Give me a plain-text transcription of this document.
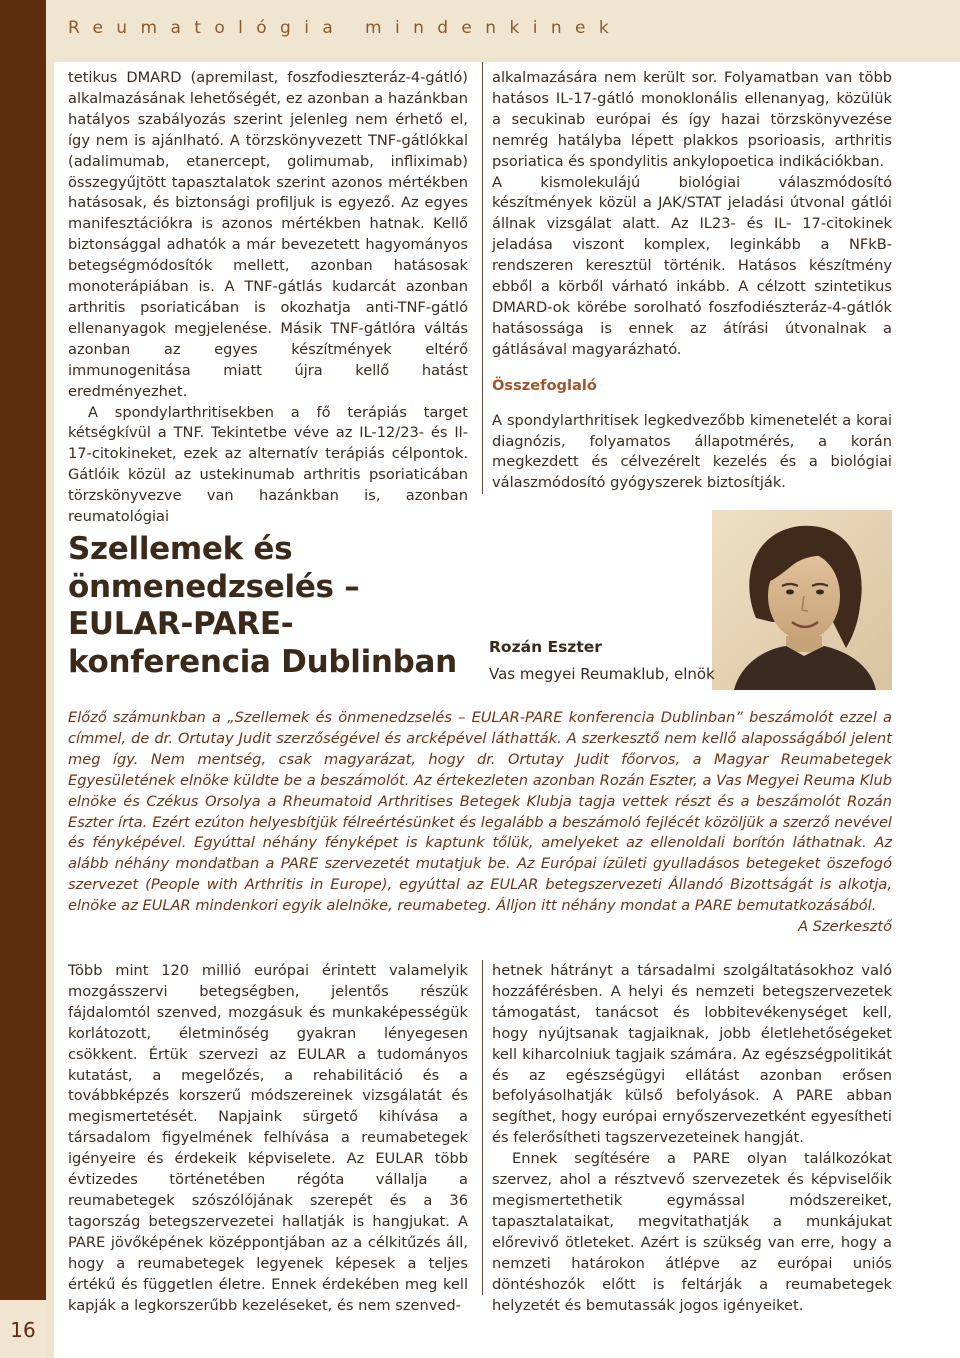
Reumatológia mindenkinek
16

tetikus DMARD (apremilast, foszfodieszteráz-4-gátló) alkalmazásának lehetőségét, ez azonban a hazánkban hatályos szabályozás szerint jelenleg nem érhető el, így nem is ajánlható. A törzskönyvezett TNF-gátlókkal (adalimumab, etanercept, golimumab, infliximab) összegyűjtött tapasztalatok szerint azonos mértékben hatásosak, és biztonsági profiljuk is egyező. Az egyes manifesztációkra is azonos mértékben hatnak. Kellő biztonsággal adhatók a már bevezetett hagyományos betegségmódosítók mellett, azonban hatásosak monoterápiában is. A TNF-gátlás kudarcát azonban arthritis psoriaticában is okozhatja anti-TNF-gátló ellenanyagok megjelenése. Másik TNF-gátlóra váltás azonban az egyes készítmények eltérő immunogenitása miatt újra kellő hatást eredményezhet.

A spondylarthritisekben a fő terápiás target kétségkívül a TNF. Tekintetbe véve az IL-12/23- és Il-17-citokineket, ezek az alternatív terápiás célpontok. Gátlóik közül az ustekinumab arthritis psoriaticában törzskönyvezve van hazánkban is, azonban reumatológiai

alkalmazására nem került sor. Folyamatban van több hatásos IL-17-gátló monoklonális ellenanyag, közülük a secukinab európai és így hazai törzskönyvezése nemrég hatályba lépett plakkos psorioasis, arthritis psoriatica és spondylitis ankylopoetica indikációkban.

A kismolekulájú biológiai válaszmódosító készítmények közül a JAK/STAT jeladási útvonal gátlói állnak vizsgálat alatt. Az IL23- és IL- 17-citokinek jeladása viszont komplex, leginkább a NFkB-rendszeren keresztül történik. Hatásos készítmény ebből a körből várható inkább. A célzott szintetikus DMARD-ok körébe sorolható foszfodiészteráz-4-gátlók hatásossága is ennek az átírási útvonalnak a gátlásával magyarázható.

Összefoglaló

A spondylarthritisek legkedvezőbb kimenetelét a korai diagnózis, folyamatos állapotmérés, a korán megkezdett és célvezérelt kezelés és a biológiai válaszmódosító gyógyszerek biztosítják.

Szellemek és önmenedzselés – EULAR-PARE-konferencia Dublinban	Rozán Eszter
Vas megyei Reumaklub, elnök

Előző számunkban a „Szellemek és önmenedzselés – EULAR-PARE konferencia Dublinban” beszámolót ezzel a címmel, de dr. Ortutay Judit szerzőségével és arcképével láthatták. A szerkesztő nem kellő alaposságából jelent meg így. Nem mentség, csak magyarázat, hogy dr. Ortutay Judit főorvos, a Magyar Reumabetegek Egyesületének elnöke küldte be a beszámolót. Az értekezleten azonban Rozán Eszter, a Vas Megyei Reuma Klub elnöke és Czékus Orsolya a Rheumatoid Arthritises Betegek Klubja tagja vettek részt és a beszámolót Rozán Eszter írta. Ezért ezúton helyesbítjük félreértésünket és legalább a beszámoló fejlécét közöljük a szerző nevével és fényképével. Egyúttal néhány fényképet is kaptunk tőlük, amelyeket az ellenoldali borítón láthatnak. Az alább néhány mondatban a PARE szervezetét mutatjuk be. Az Európai ízületi gyulladásos betegeket öszefogó szervezet (People with Arthritis in Europe), egyúttal az EULAR betegszervezeti Állandó Bizottságát is alkotja, elnöke az EULAR mindenkori egyik alelnöke, reumabeteg. Álljon itt néhány mondat a PARE bemutatkozásából.

A Szerkesztő

Több mint 120 millió európai érintett valamelyik mozgásszervi betegségben, jelentős részük fájdalomtól szenved, mozgásuk és munkaképességük korlátozott, életminőség gyakran lényegesen csökkent. Értük szervezi az EULAR a tudományos kutatást, a megelőzés, a rehabilitáció és a továbbképzés korszerű módszereinek vizsgálatát és megismertetését. Napjaink sürgető kihívása a társadalom figyelmének felhívása a reumabetegek igényeire és érdekeik képviselete. Az EULAR több évtizedes történetében régóta vállalja a reumabetegek szószólójának szerepét és a 36 tagország betegszervezetei hallatják is hangjukat. A PARE jövőképének középpontjában az a célkitűzés áll, hogy a reumabetegek legyenek képesek a teljes értékű és független életre. Ennek érdekében meg kell kapják a legkorszerűbb kezeléseket, és nem szenved-

hetnek hátrányt a társadalmi szolgáltatásokhoz való hozzáférésben. A helyi és nemzeti betegszervezetek támogatást, tanácsot és lobbitevékenységet kell, hogy nyújtsanak tagjaiknak, jobb életlehetőségeket kell kiharcolniuk tagjaik számára. Az egészségpolitikát és az egészségügyi ellátást azonban erősen befolyásolhatják külső befolyások. A PARE abban segíthet, hogy európai ernyőszervezetként egyesítheti és felerősítheti tagszervezeteinek hangját.

Ennek segítésére a PARE olyan találkozókat szervez, ahol a résztvevő szervezetek és képviselőik megismertethetik egymással módszereiket, tapasztalataikat, megvitathatják a munkájukat előrevivő ötleteket. Azért is szükség van erre, hogy a nemzeti határokon átlépve az európai uniós döntéshozók előtt is feltárják a reumabetegek helyzetét és bemutassák jogos igényeiket.
